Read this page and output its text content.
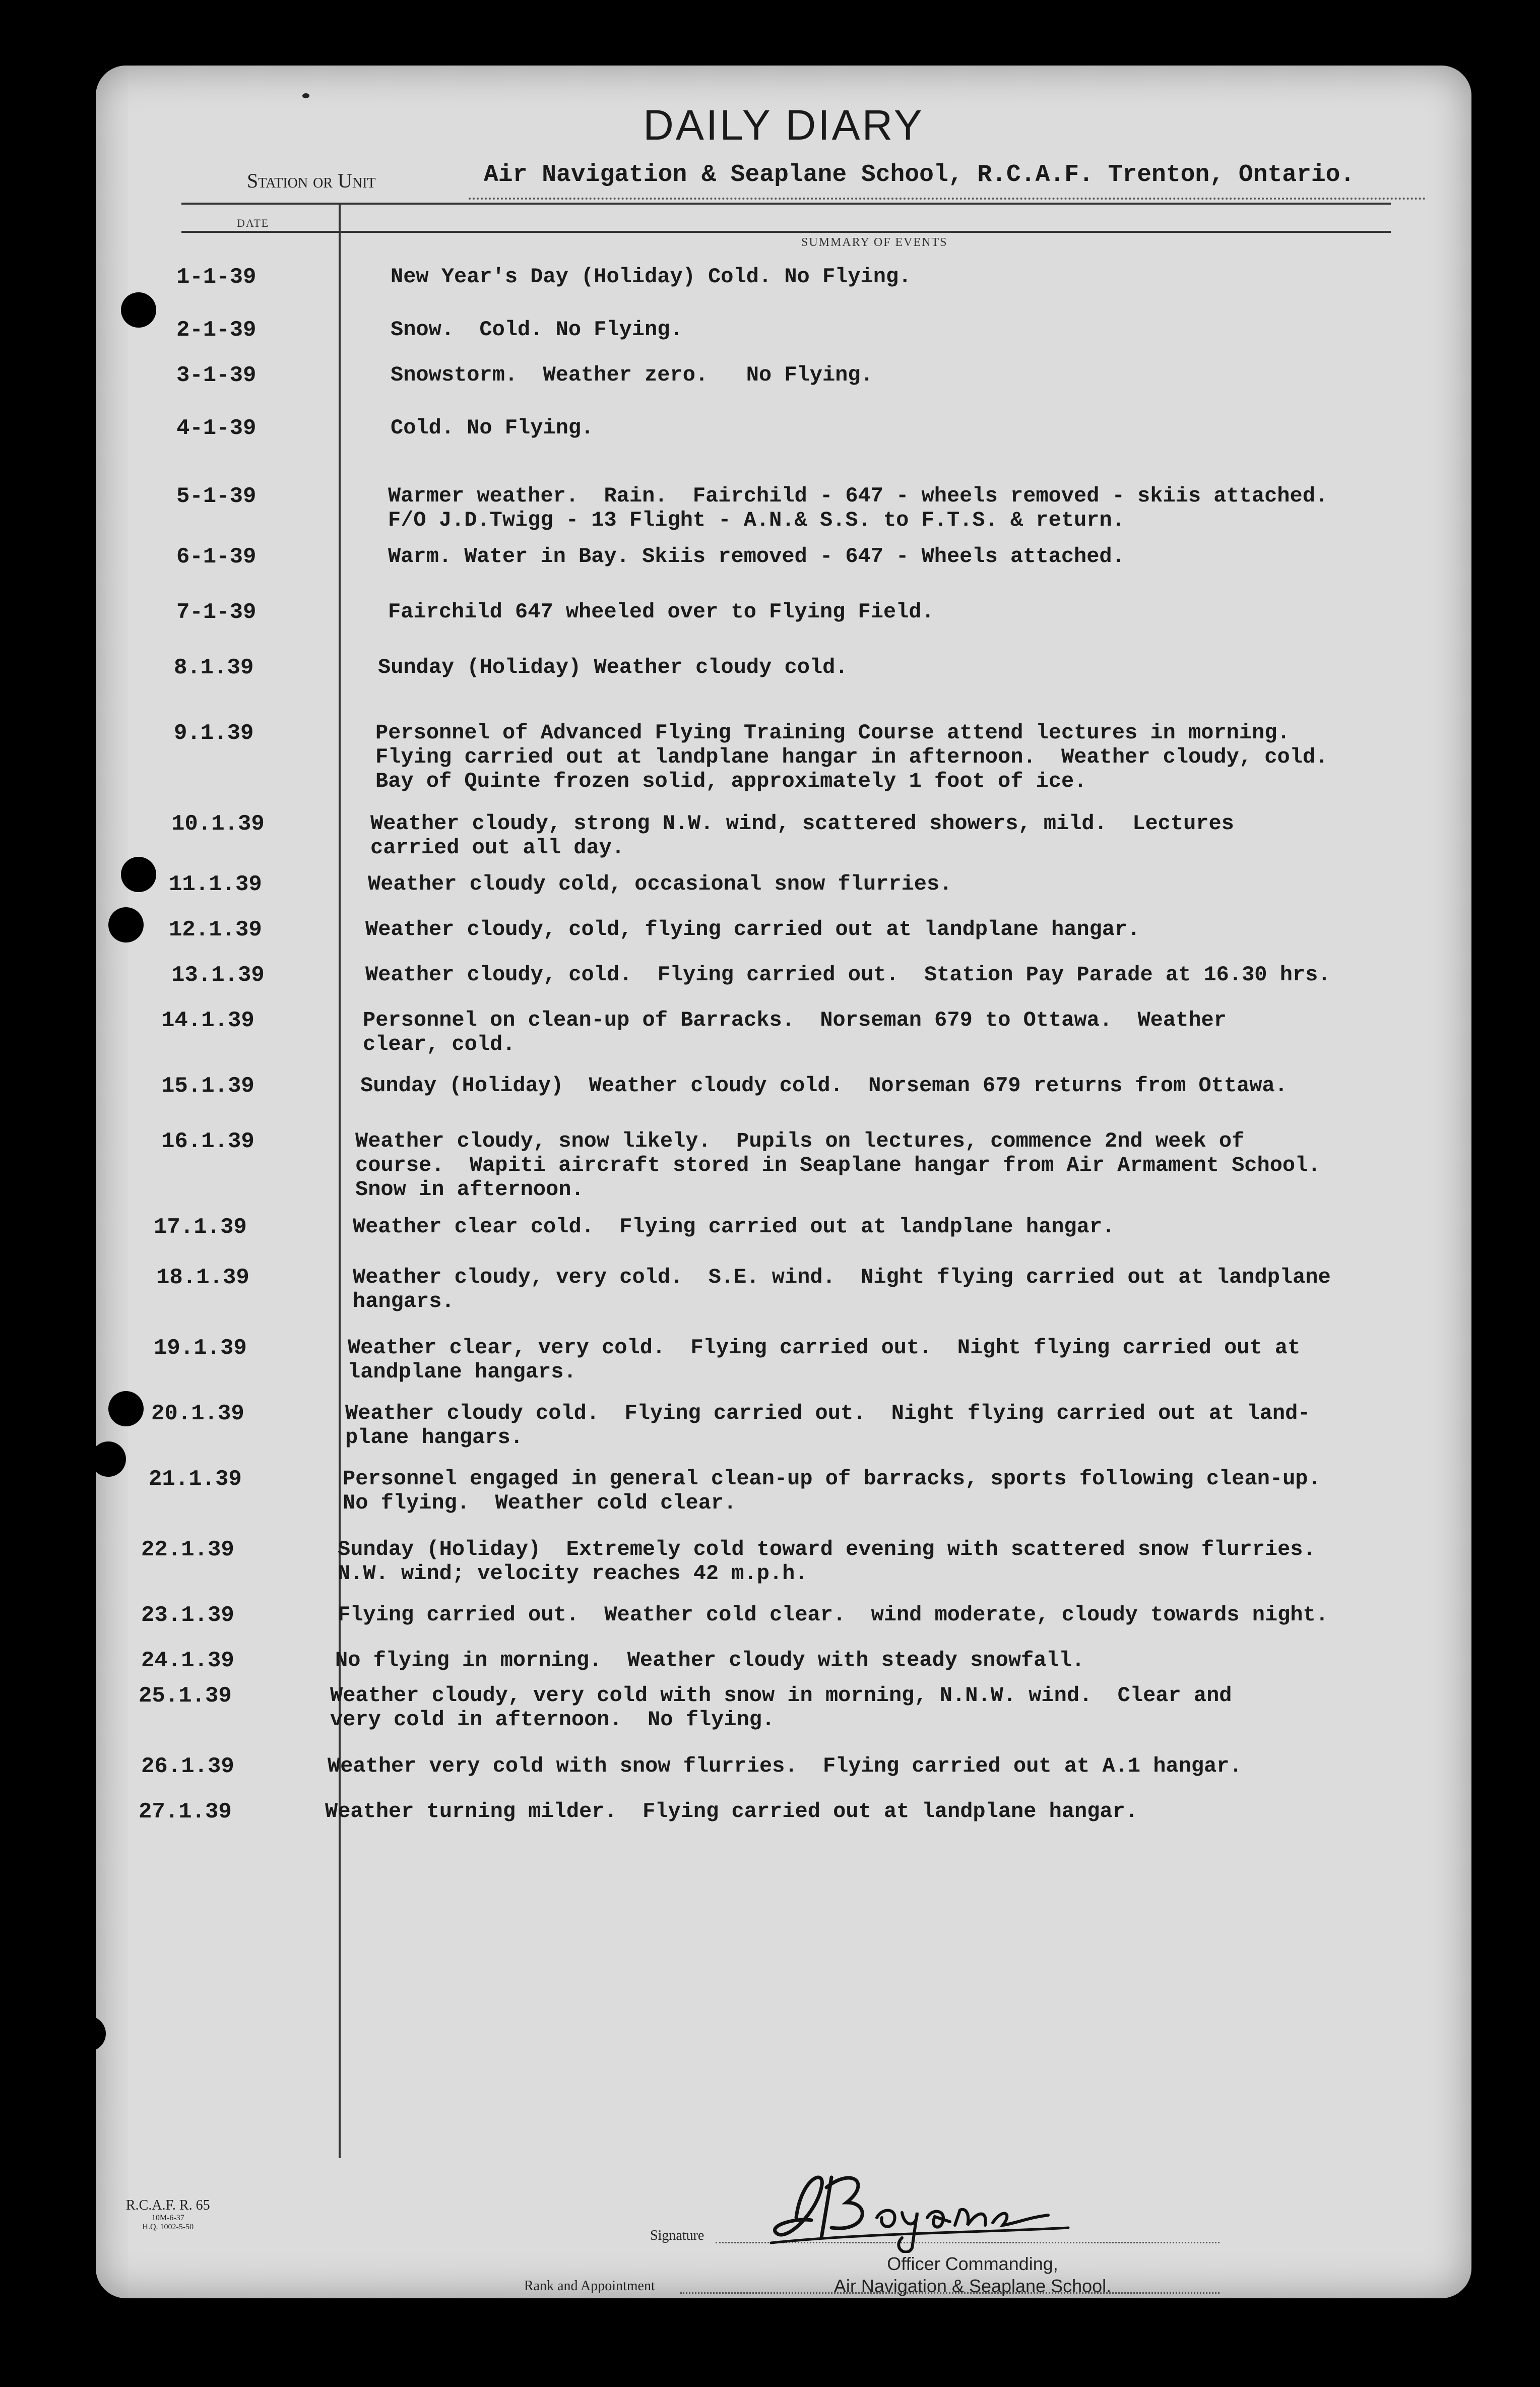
DAILY DIARY
Station or Unit	Air Navigation & Seaplane School, R.C.A.F. Trenton, Ontario.
DATE
SUMMARY OF EVENTS
1-1-39	New Year's Day (Holiday) Cold. No Flying.
2-1-39	Snow.  Cold. No Flying.
3-1-39	Snowstorm.  Weather zero.   No Flying.
4-1-39	Cold. No Flying.
5-1-39	Warmer weather.  Rain.  Fairchild - 647 - wheels removed - skiis attached.
F/O J.D.Twigg - 13 Flight - A.N.& S.S. to F.T.S. & return.
6-1-39	Warm. Water in Bay. Skiis removed - 647 - Wheels attached.
7-1-39	Fairchild 647 wheeled over to Flying Field.
8.1.39	Sunday (Holiday) Weather cloudy cold.
9.1.39	Personnel of Advanced Flying Training Course attend lectures in morning.
Flying carried out at landplane hangar in afternoon.  Weather cloudy, cold.
Bay of Quinte frozen solid, approximately 1 foot of ice.
10.1.39	Weather cloudy, strong N.W. wind, scattered showers, mild.  Lectures
carried out all day.
11.1.39	Weather cloudy cold, occasional snow flurries.
12.1.39	Weather cloudy, cold, flying carried out at landplane hangar.
13.1.39	Weather cloudy, cold.  Flying carried out.  Station Pay Parade at 16.30 hrs.
14.1.39	Personnel on clean-up of Barracks.  Norseman 679 to Ottawa.  Weather
clear, cold.
15.1.39	Sunday (Holiday)  Weather cloudy cold.  Norseman 679 returns from Ottawa.
16.1.39	Weather cloudy, snow likely.  Pupils on lectures, commence 2nd week of
course.  Wapiti aircraft stored in Seaplane hangar from Air Armament School.
Snow in afternoon.
17.1.39	Weather clear cold.  Flying carried out at landplane hangar.
18.1.39	Weather cloudy, very cold.  S.E. wind.  Night flying carried out at landplane
hangars.
19.1.39	Weather clear, very cold.  Flying carried out.  Night flying carried out at
landplane hangars.
20.1.39	Weather cloudy cold.  Flying carried out.  Night flying carried out at land-
plane hangars.
21.1.39	Personnel engaged in general clean-up of barracks, sports following clean-up.
No flying.  Weather cold clear.
22.1.39	Sunday (Holiday)  Extremely cold toward evening with scattered snow flurries.
N.W. wind; velocity reaches 42 m.p.h.
23.1.39	Flying carried out.  Weather cold clear.  wind moderate, cloudy towards night.
24.1.39	No flying in morning.  Weather cloudy with steady snowfall.
25.1.39	Weather cloudy, very cold with snow in morning, N.N.W. wind.  Clear and
very cold in afternoon.  No flying.
26.1.39	Weather very cold with snow flurries.  Flying carried out at A.1 hangar.
27.1.39	Weather turning milder.  Flying carried out at landplane hangar.
R.C.A.F. R. 65
10M-6-37
H.Q. 1002-5-50
Signature
Rank and Appointment
Officer Commanding,
Air Navigation & Seaplane School.
